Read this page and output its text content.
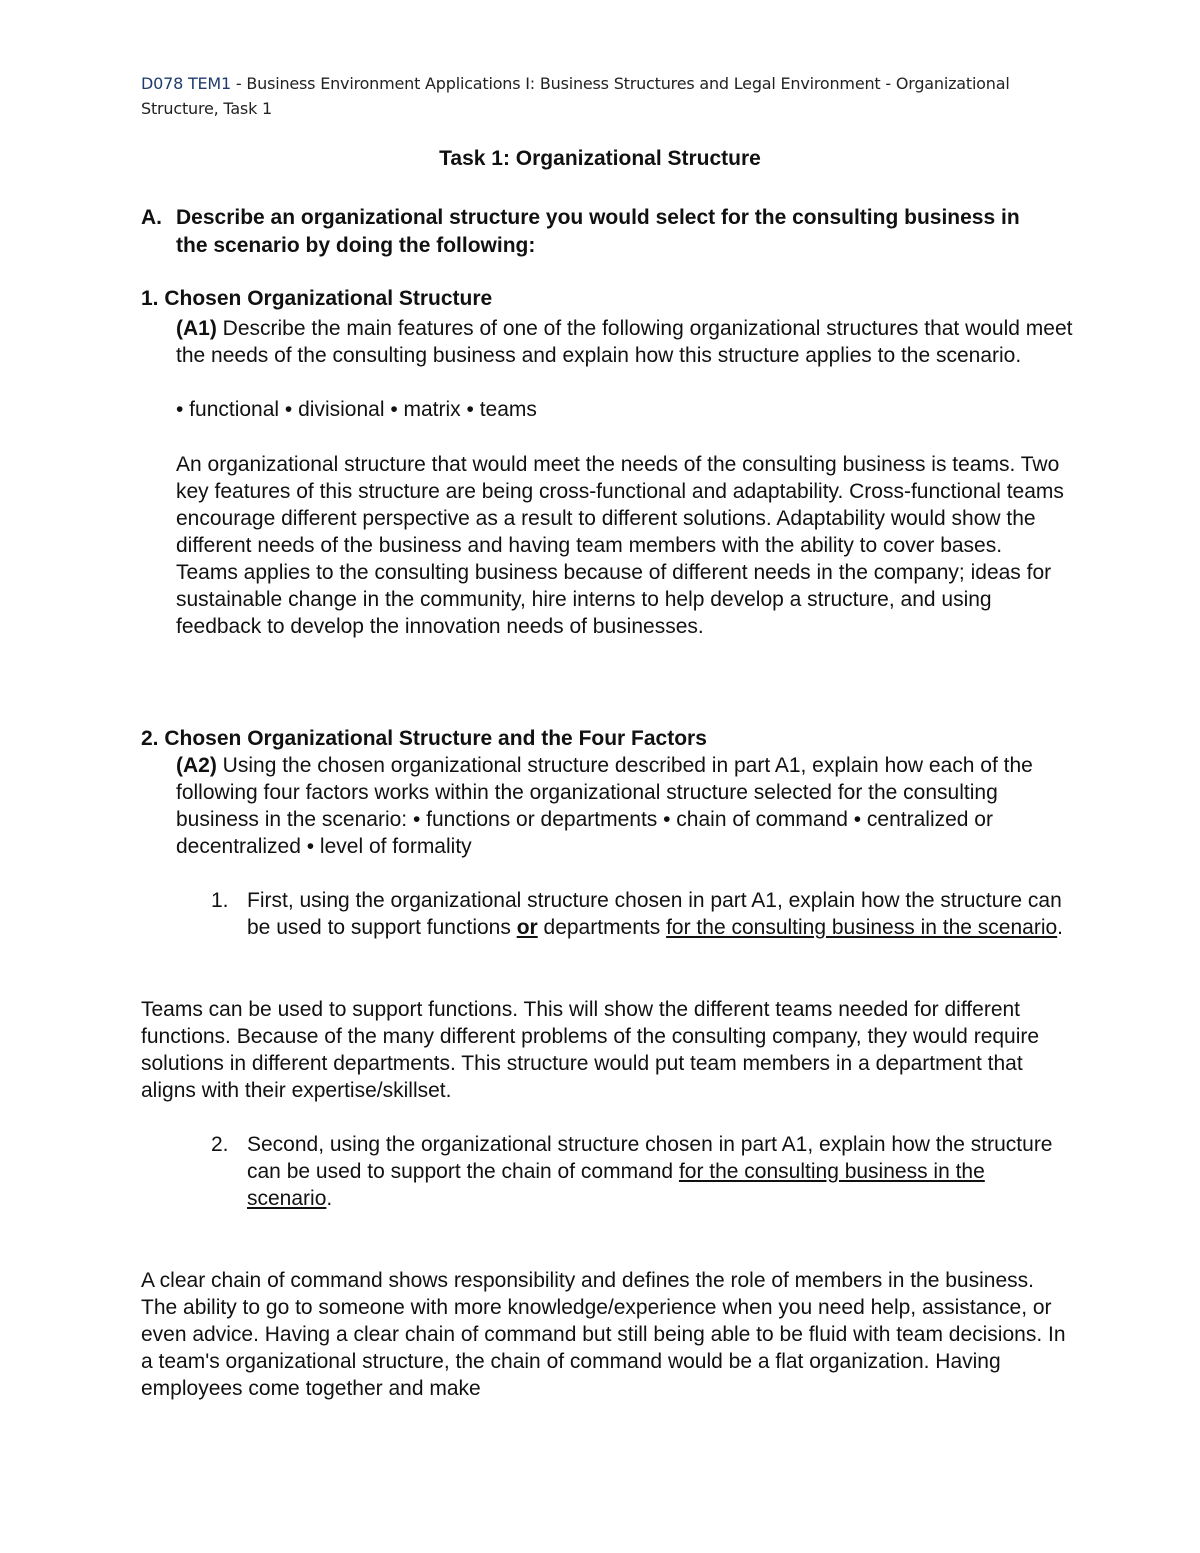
D078 TEM1 - Business Environment Applications I: Business Structures and Legal Environment - Organizational Structure, Task 1
Task 1: Organizational Structure
A. Describe an organizational structure you would select for the consulting business in the scenario by doing the following:
1. Chosen Organizational Structure
(A1) Describe the main features of one of the following organizational structures that would meet the needs of the consulting business and explain how this structure applies to the scenario.
• functional • divisional • matrix • teams
An organizational structure that would meet the needs of the consulting business is teams. Two key features of this structure are being cross-functional and adaptability. Cross-functional teams encourage different perspective as a result to different solutions. Adaptability would show the different needs of the business and having team members with the ability to cover bases. Teams applies to the consulting business because of different needs in the company; ideas for sustainable change in the community, hire interns to help develop a structure, and using feedback to develop the innovation needs of businesses.
2. Chosen Organizational Structure and the Four Factors
(A2) Using the chosen organizational structure described in part A1, explain how each of the following four factors works within the organizational structure selected for the consulting business in the scenario: • functions or departments • chain of command • centralized or decentralized • level of formality
1. First, using the organizational structure chosen in part A1, explain how the structure can be used to support functions or departments for the consulting business in the scenario.
Teams can be used to support functions. This will show the different teams needed for different functions. Because of the many different problems of the consulting company, they would require solutions in different departments. This structure would put team members in a department that aligns with their expertise/skillset.
2. Second, using the organizational structure chosen in part A1, explain how the structure can be used to support the chain of command for the consulting business in the scenario.
A clear chain of command shows responsibility and defines the role of members in the business. The ability to go to someone with more knowledge/experience when you need help, assistance, or even advice. Having a clear chain of command but still being able to be fluid with team decisions. In a team's organizational structure, the chain of command would be a flat organization. Having employees come together and make
